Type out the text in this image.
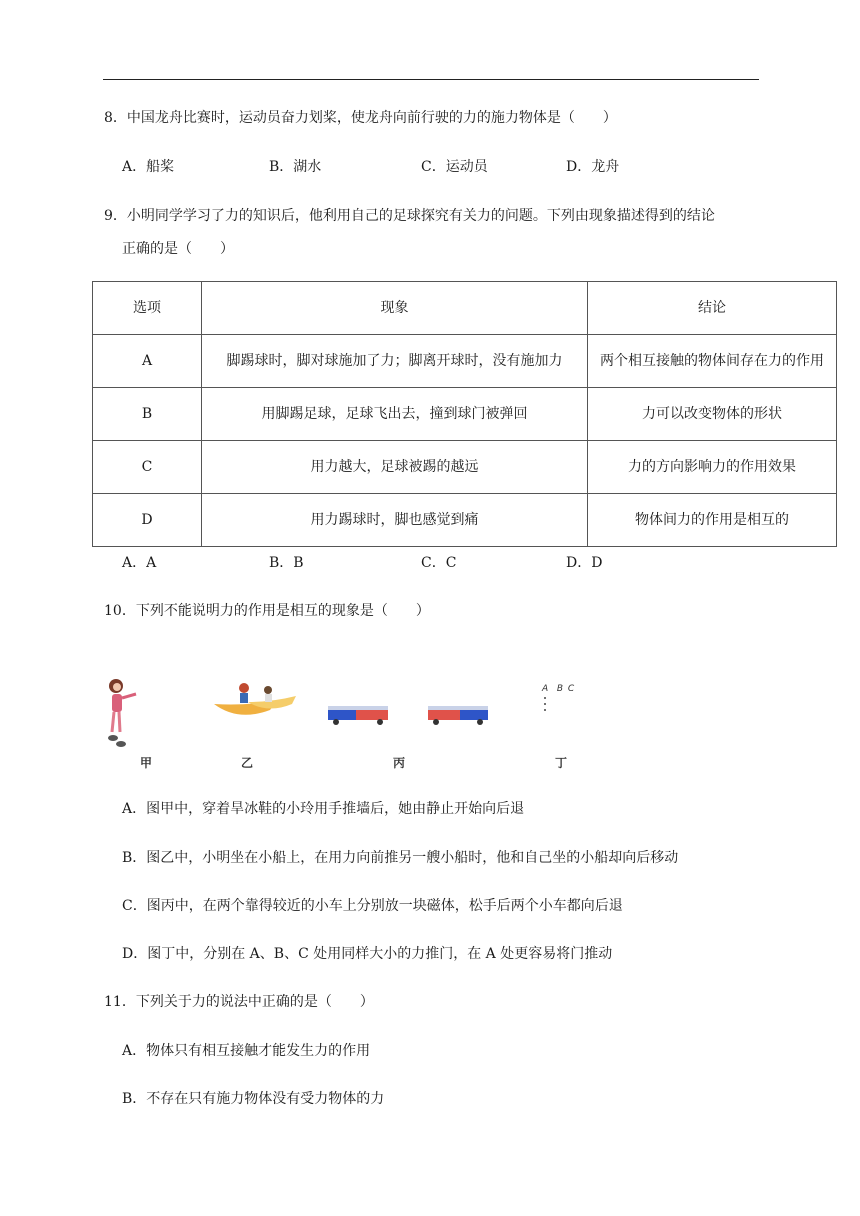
8．中国龙舟比赛时，运动员奋力划桨，使龙舟向前行驶的力的施力物体是（　　）
A．船桨	B．湖水	C．运动员	D．龙舟
9．小明同学学习了力的知识后，他利用自己的足球探究有关力的问题。下列由现象描述得到的结论
正确的是（　　）
选项	现象	结论
A	脚踢球时，脚对球施加了力；脚离开球时，没有施加力	两个相互接触的物体间存在力的作用
B	用脚踢足球，足球飞出去，撞到球门被弹回	力可以改变物体的形状
C	用力越大，足球被踢的越远	力的方向影响力的作用效果
D	用力踢球时，脚也感觉到痛	物体间力的作用是相互的
A．A	B．B	C．C	D．D
10．下列不能说明力的作用是相互的现象是（　　）
甲	乙	丙
A  B C
丁
A．图甲中，穿着旱冰鞋的小玲用手推墙后，她由静止开始向后退
B．图乙中，小明坐在小船上，在用力向前推另一艘小船时，他和自己坐的小船却向后移动
C．图丙中，在两个靠得较近的小车上分别放一块磁体，松手后两个小车都向后退
D．图丁中，分别在 A、B、C 处用同样大小的力推门，在 A 处更容易将门推动
11．下列关于力的说法中正确的是（　　）
A．物体只有相互接触才能发生力的作用
B．不存在只有施力物体没有受力物体的力
